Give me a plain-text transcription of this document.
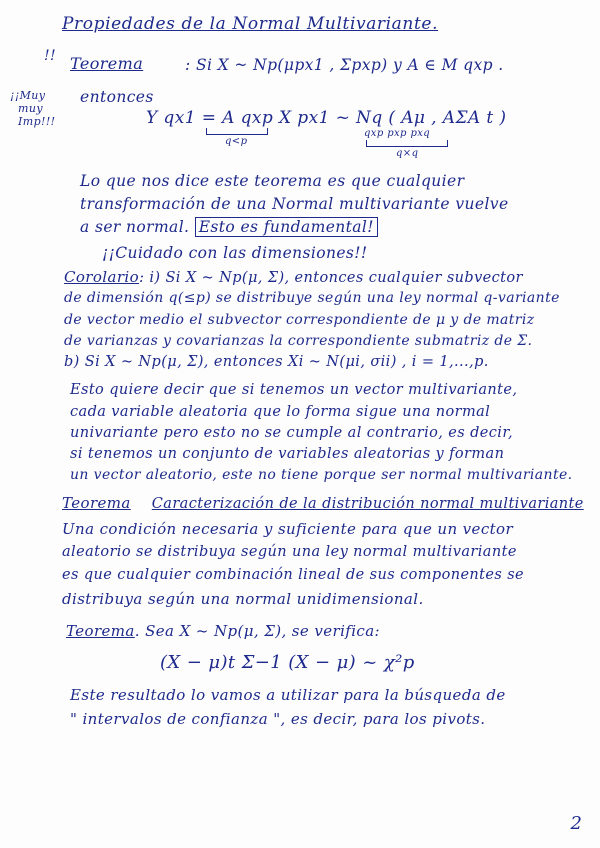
Propiedades de la Normal Multivariante.
!!
¡¡Muy
muy
Imp!!!
Teorema	: Si X ~ Np(μpx1 , Σpxp) y A ∈ M qxp .
entonces
Y qx1 = A qxp X px1 ~ Nq ( Aμ , AΣA t )
q<p
qxp pxp pxq
q×q
Lo que nos dice este teorema es que cualquier
transformación de una Normal multivariante vuelve
a ser normal. Esto es fundamental!
¡¡Cuidado con las dimensiones!!
Corolario: i) Si X ~ Np(μ, Σ), entonces cualquier subvector
de dimensión q(≤p) se distribuye según una ley normal q-variante
de vector medio el subvector correspondiente de μ y de matriz
de varianzas y covarianzas la correspondiente submatriz de Σ.
b) Si X ~ Np(μ, Σ), entonces Xi ~ N(μi, σii) , i = 1,...,p.
Esto quiere decir que si tenemos un vector multivariante,
cada variable aleatoria que lo forma sigue una normal
univariante pero esto no se cumple al contrario, es decir,
si tenemos un conjunto de variables aleatorias y forman
un vector aleatorio, este no tiene porque ser normal multivariante.
Teorema Caracterización de la distribución normal multivariante
Una condición necesaria y suficiente para que un vector
aleatorio se distribuya según una ley normal multivariante
es que cualquier combinación lineal de sus componentes se
distribuya según una normal unidimensional.
Teorema. Sea X ~ Np(μ, Σ), se verifica:
(X − μ)t Σ−1 (X − μ) ~ χ²p
Este resultado lo vamos a utilizar para la búsqueda de
" intervalos de confianza ", es decir, para los pivots.
2
